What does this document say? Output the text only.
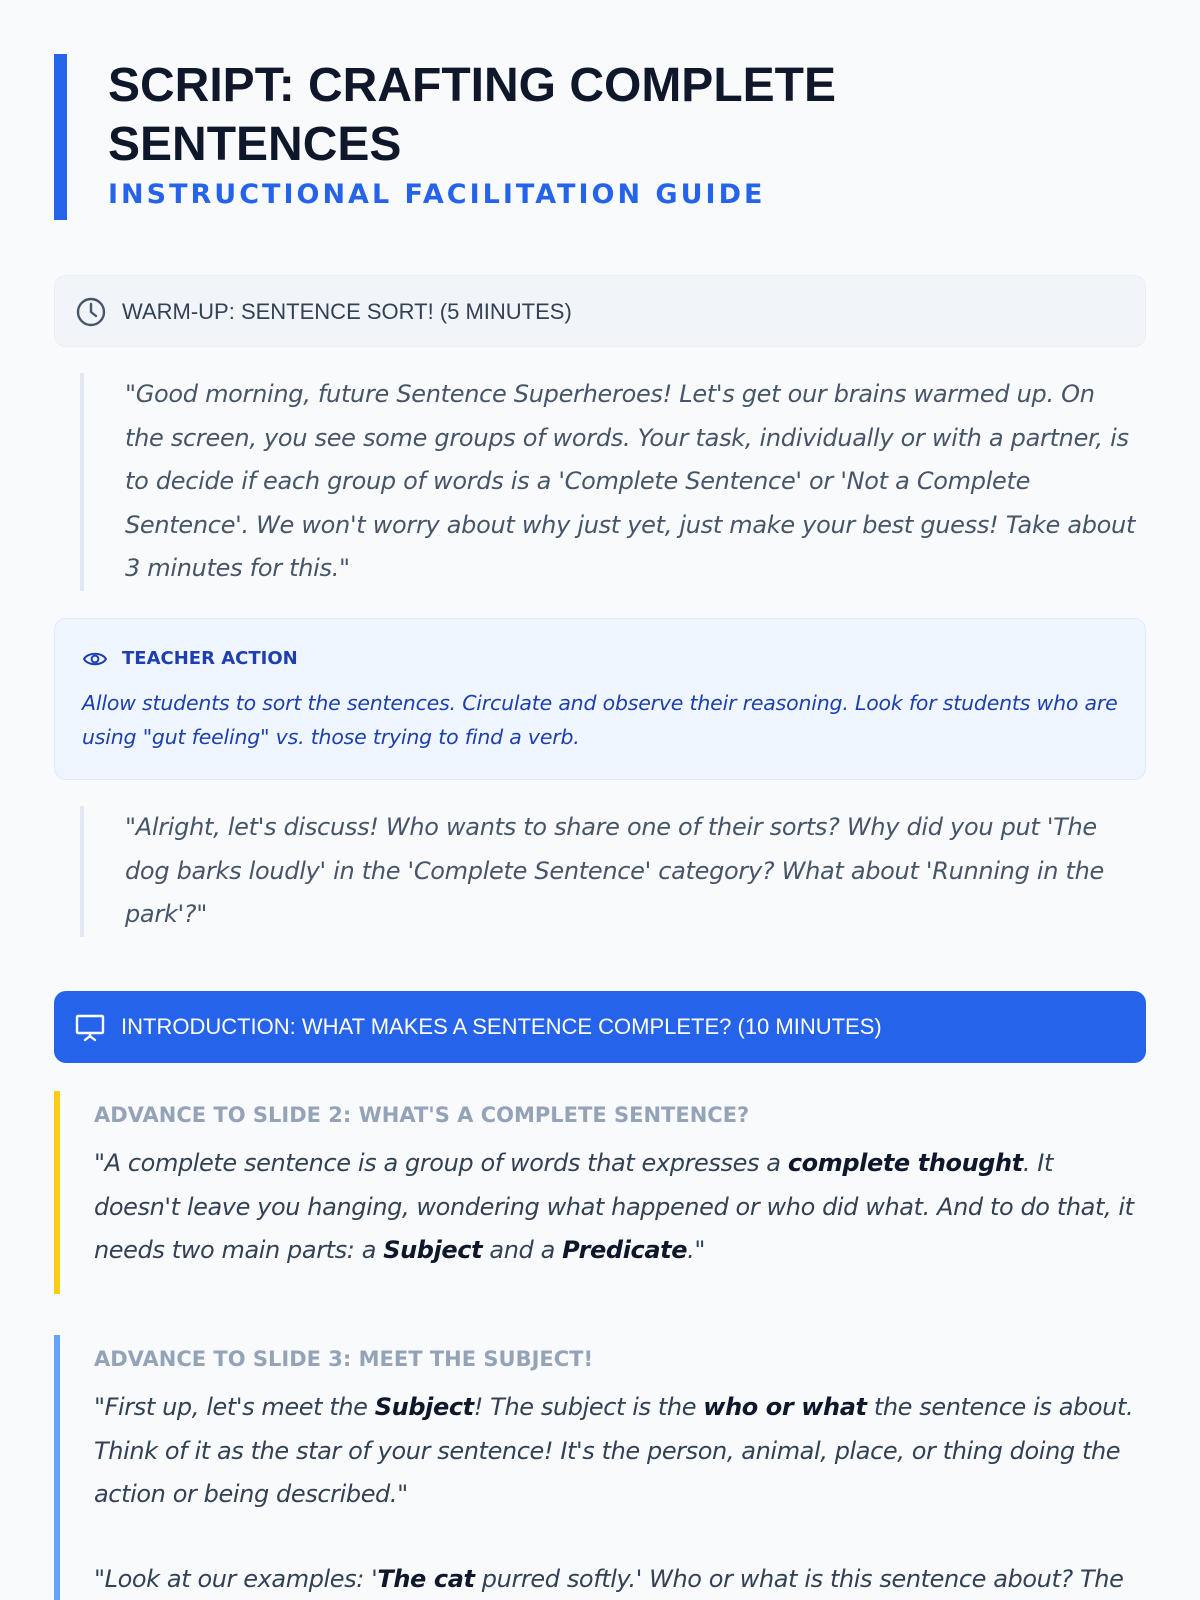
SCRIPT: CRAFTING COMPLETE SENTENCES
INSTRUCTIONAL FACILITATION GUIDE
WARM-UP: SENTENCE SORT! (5 MINUTES)

"Good morning, future Sentence Superheroes! Let's get our brains warmed up. On the screen, you see some groups of words. Your task, individually or with a partner, is to decide if each group of words is a 'Complete Sentence' or 'Not a Complete Sentence'. We won't worry about why just yet, just make your best guess! Take about 3 minutes for this."

TEACHER ACTION

Allow students to sort the sentences. Circulate and observe their reasoning. Look for students who are using "gut feeling" vs. those trying to find a verb.

"Alright, let's discuss! Who wants to share one of their sorts? Why did you put 'The dog barks loudly' in the 'Complete Sentence' category? What about 'Running in the park'?"

INTRODUCTION: WHAT MAKES A SENTENCE COMPLETE? (10 MINUTES)
ADVANCE TO SLIDE 2: WHAT'S A COMPLETE SENTENCE?

"A complete sentence is a group of words that expresses a complete thought. It doesn't leave you hanging, wondering what happened or who did what. And to do that, it needs two main parts: a Subject and a Predicate."

ADVANCE TO SLIDE 3: MEET THE SUBJECT!

"First up, let's meet the Subject! The subject is the who or what the sentence is about. Think of it as the star of your sentence! It's the person, animal, place, or thing doing the action or being described."

"Look at our examples: 'The cat purred softly.' Who or what is this sentence about? The
